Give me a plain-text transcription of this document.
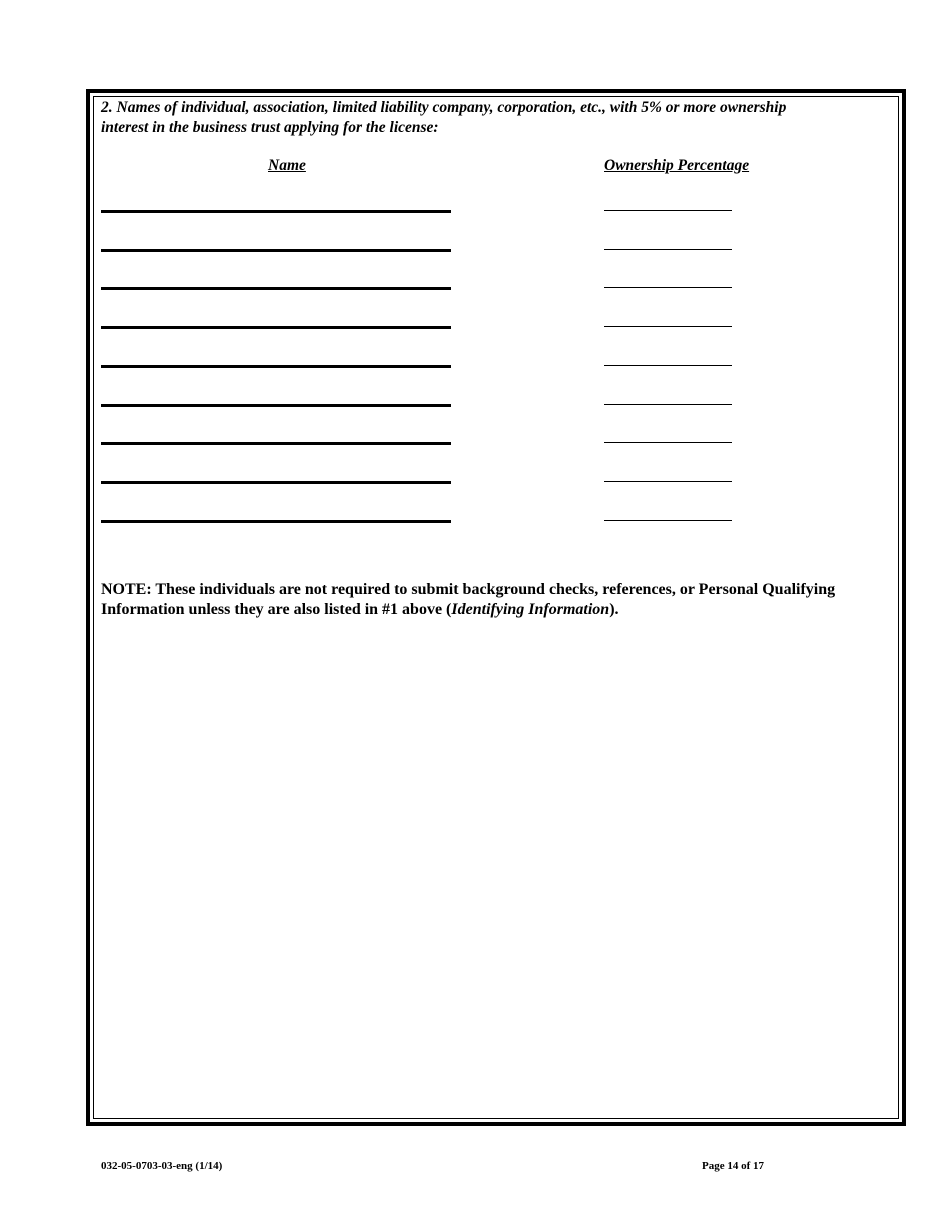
2. Names of individual, association, limited liability company, corporation, etc., with 5% or more ownership interest in the business trust applying for the license:

Name	Ownership Percentage

NOTE: These individuals are not required to submit background checks, references, or Personal Qualifying Information unless they are also listed in #1 above (Identifying Information).

032-05-0703-03-eng (1/14)	Page 14 of 17
